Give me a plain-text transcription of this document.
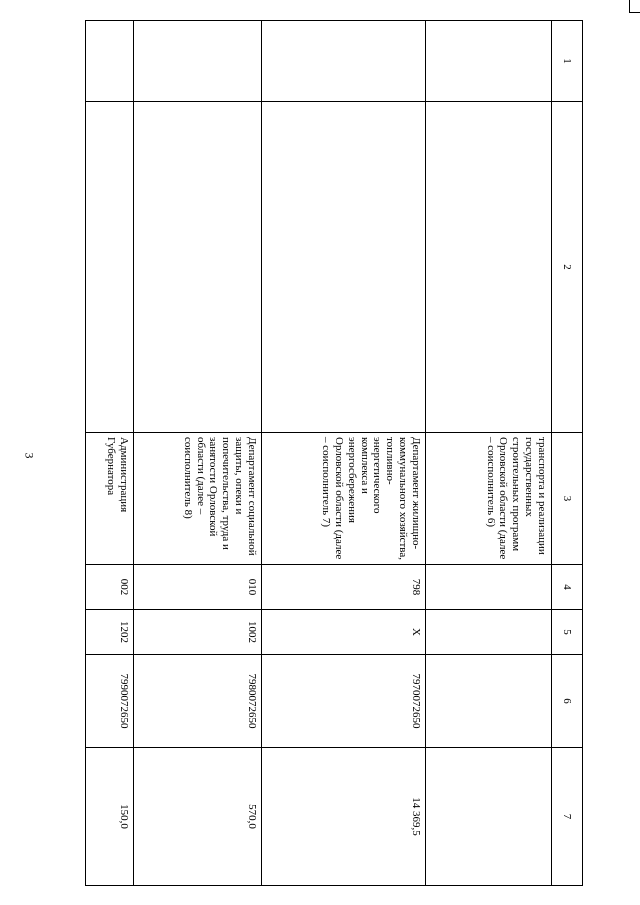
3
1	2	3	4	5	6	7
		транспорта и реализации государственных строительных программ Орловской области (далее – соисполнитель 6)				
		Департамент жилищно-коммунального хозяйства, топливно-энергетического комплекса и энергосбережения Орловской области (далее – соисполнитель 7)	798	Х	7970072650	14 369,5
		Департамент социальной защиты, опеки и попечительства, труда и занятости Орловской области (далее – соисполнитель 8)	010	1002	7980072650	570,0
		Администрация Губернатора	002	1202	7990072650	150,0
